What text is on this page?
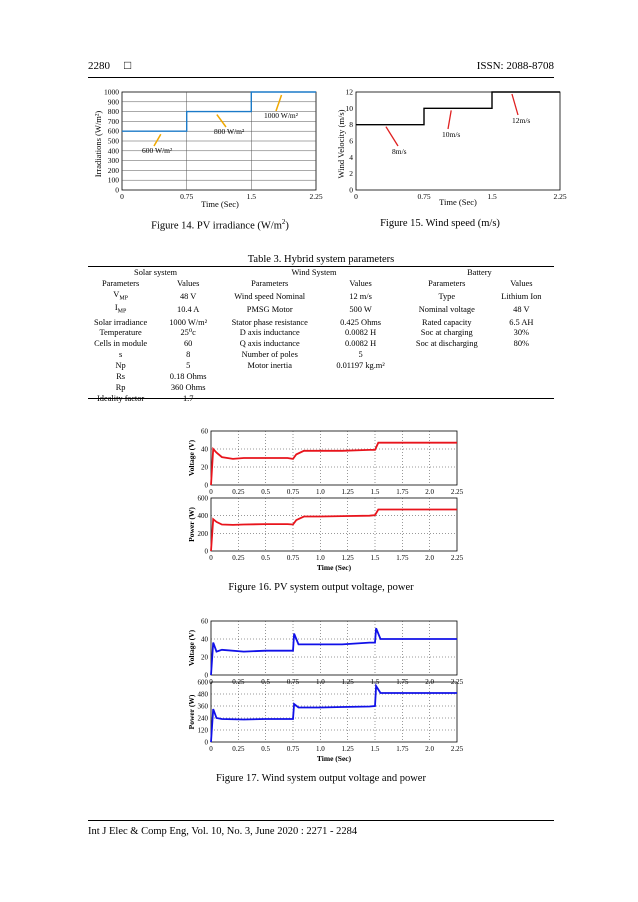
2280 □	ISSN: 2088-8708
Irradiations (W/m²)
Time (Sec)
0
100
200
300
400
500
600
700
800
900
1000
0	0.75	1.5	2.25
600 W/m²
800 W/m²
1000 W/m²
Figure 14. PV irradiance $(W/m^2)$
Wind Velocity (m/s)
Time (Sec)
0
2
4
6
8
10
12
0	0.75	1.5	2.25
8m/s
10m/s
12m/s
Figure 15. Wind speed (m/s)
Table 3. Hybrid system parameters
Solar system		Wind System		Battery	
Parameters	Values	Parameters	Values	Parameters	Values
$V_{MP}$	48 V	Wind speed Nominal	12 m/s	Type	Lithium Ion
$I_{MP}$	10.4 A	PMSG Motor	500 W	Nominal voltage	48 V
Solar irradiance	1000 W/m²	Stator phase resistance	0.425 Ohms	Rated capacity	6.5 AH
Temperature	25⁰c	D axis inductance	0.0082 H	Soc at charging	30%
Cells in module	60	Q axis inductance	0.0082 H	Soc at discharging	80%
s	8	Number of poles	5		
Np	5	Motor inertia	0.01197 kg.m²		
Rs	0.18 Ohms				
Rp	360 Ohms				
Ideality factor	1.7				
0
20
40
60
0	0.25 0.5 0.75 1.0 1.25 1.5 1.75 2.0 2.25
Voltage (V)
0
200
400
600
0	0.25 0.5 0.75 1.0 1.25 1.5 1.75 2.0 2.25
Power (W)
Time (Sec)
Figure 16. PV system output voltage, power
0
20
40
60
0	0.25 0.5 0.75 1.0 1.25 1.5 1.75 2.0 2.25
Voltage (V)
0
120
240
360
480
600
0	0.25 0.5 0.75 1.0 1.25 1.5 1.75 2.0 2.25
Power (W)
Time (Sec)
Figure 17. Wind system output voltage and power
Int J Elec & Comp Eng, Vol. 10, No. 3, June 2020 : 2271 - 2284
